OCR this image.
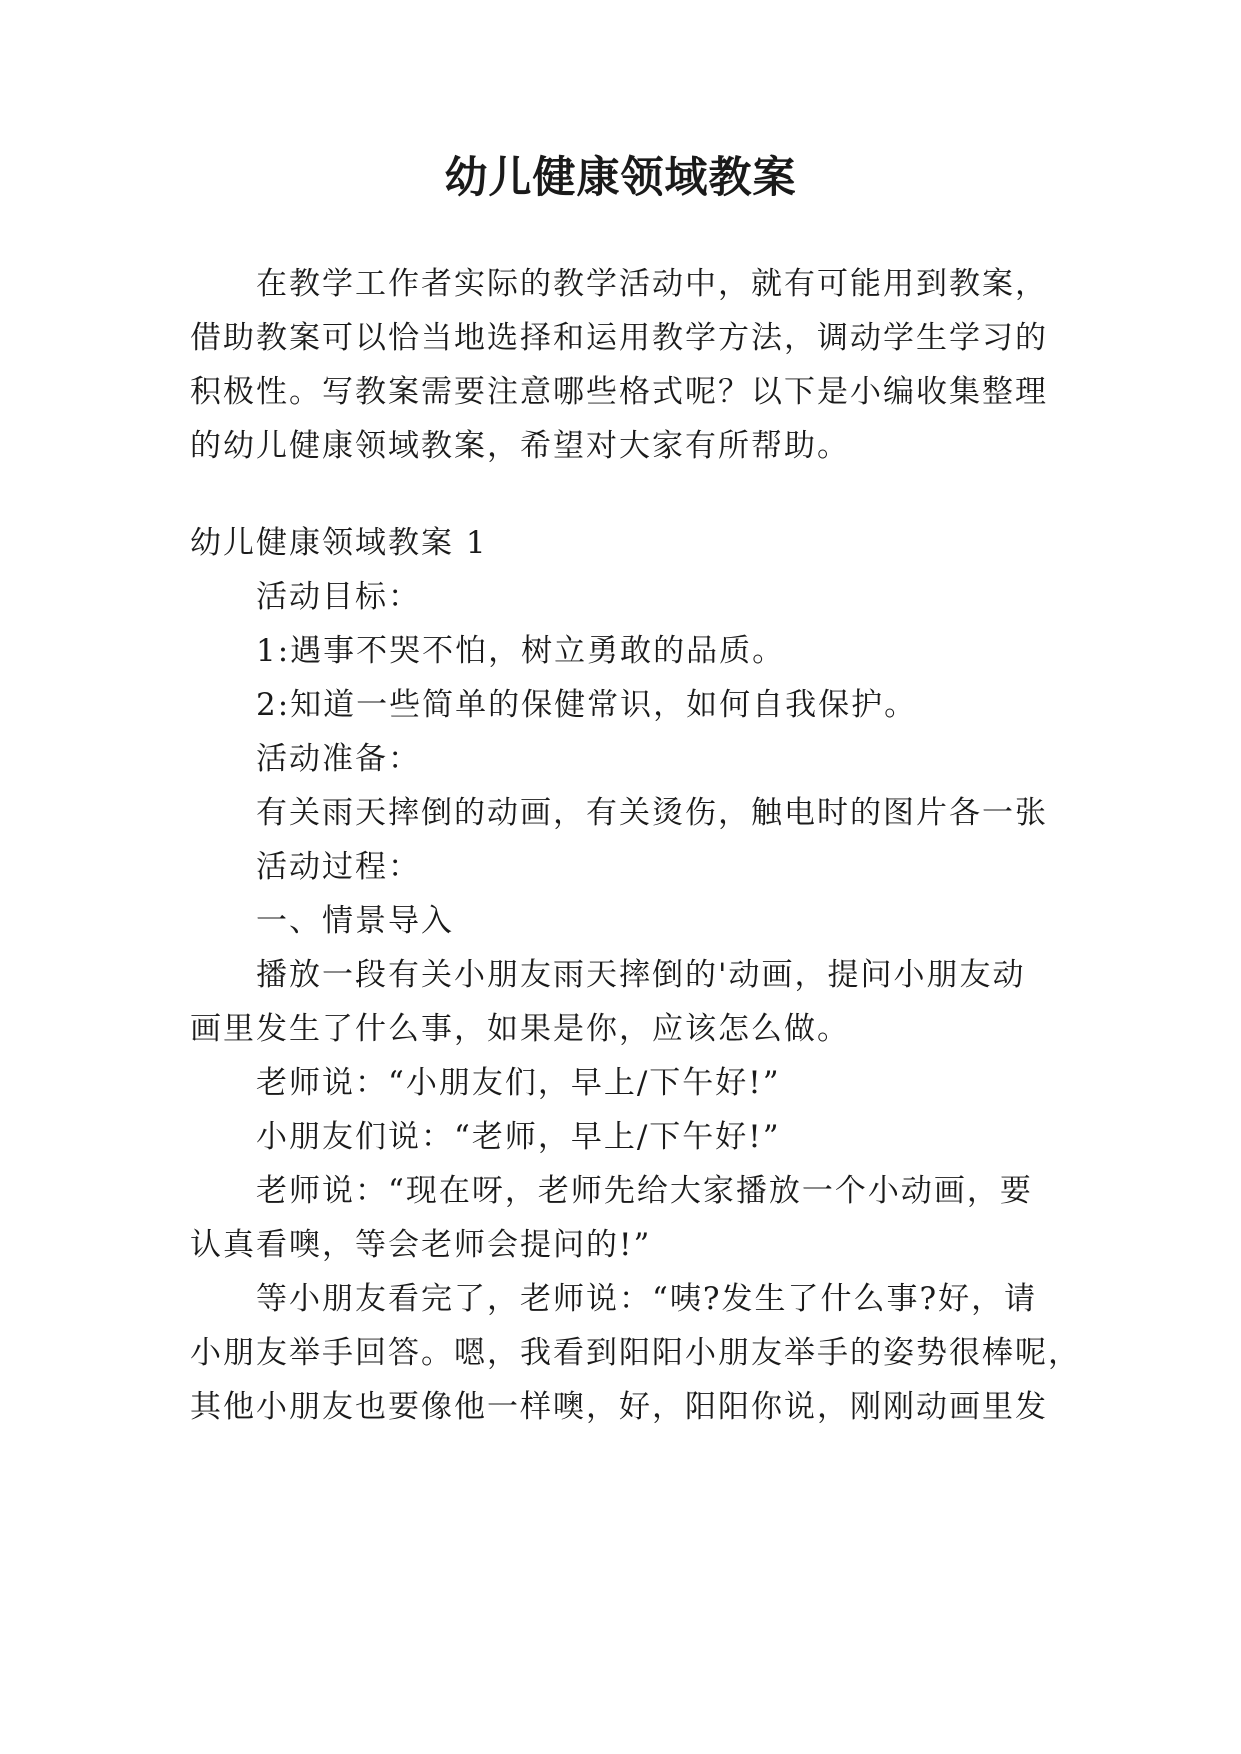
幼儿健康领域教案
在教学工作者实际的教学活动中，就有可能用到教案，
借助教案可以恰当地选择和运用教学方法，调动学生学习的
积极性。写教案需要注意哪些格式呢？以下是小编收集整理
的幼儿健康领域教案，希望对大家有所帮助。
幼儿健康领域教案 1
活动目标：
1:遇事不哭不怕，树立勇敢的品质。
2:知道一些简单的保健常识，如何自我保护。
活动准备：
有关雨天摔倒的动画，有关烫伤，触电时的图片各一张
活动过程：
一、情景导入
播放一段有关小朋友雨天摔倒的'动画，提问小朋友动
画里发生了什么事，如果是你，应该怎么做。
老师说：“小朋友们，早上/下午好!”
小朋友们说：“老师，早上/下午好!”
老师说：“现在呀，老师先给大家播放一个小动画，要
认真看噢，等会老师会提问的!”
等小朋友看完了，老师说：“咦?发生了什么事?好，请
小朋友举手回答。嗯，我看到阳阳小朋友举手的姿势很棒呢，
其他小朋友也要像他一样噢，好，阳阳你说，刚刚动画里发
